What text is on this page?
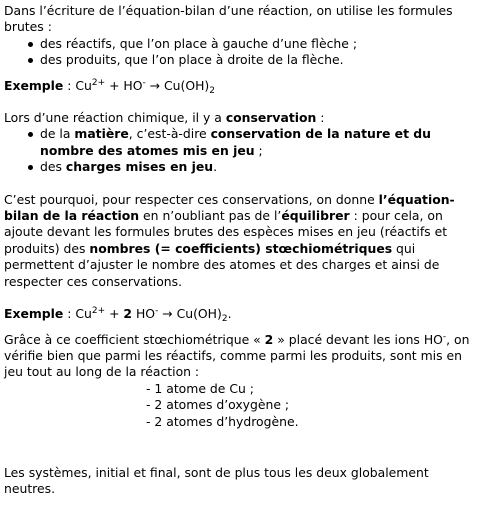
Dans l’écriture de l’équation-bilan d’une réaction, on utilise les formules brutes :

des réactifs, que l’on place à gauche d’une flèche ;
des produits, que l’on place à droite de la flèche.

Exemple : $Cu^{2+} + HO^- \to Cu(OH)_2$

Lors d’une réaction chimique, il y a conservation :

de la matière, c’est-à-dire conservation de la nature et du nombre des atomes mis en jeu ;
des charges mises en jeu.

C’est pourquoi, pour respecter ces conservations, on donne l’équation-bilan de la réaction en n’oubliant pas de l’équilibrer : pour cela, on ajoute devant les formules brutes des espèces mises en jeu (réactifs et produits) des nombres (= coefficients) stœchiométriques qui permettent d’ajuster le nombre des atomes et des charges et ainsi de respecter ces conservations.

Exemple : $Cu^{2+} + 2$ $HO^- \to Cu(OH)_2$.

Grâce à ce coefficient stœchiométrique « 2 » placé devant les ions HO-, on vérifie bien que parmi les réactifs, comme parmi les produits, sont mis en jeu tout au long de la réaction :

- 1 atome de Cu ;
- 2 atomes d’oxygène ;
- 2 atomes d’hydrogène.

Les systèmes, initial et final, sont de plus tous les deux globalement neutres.
